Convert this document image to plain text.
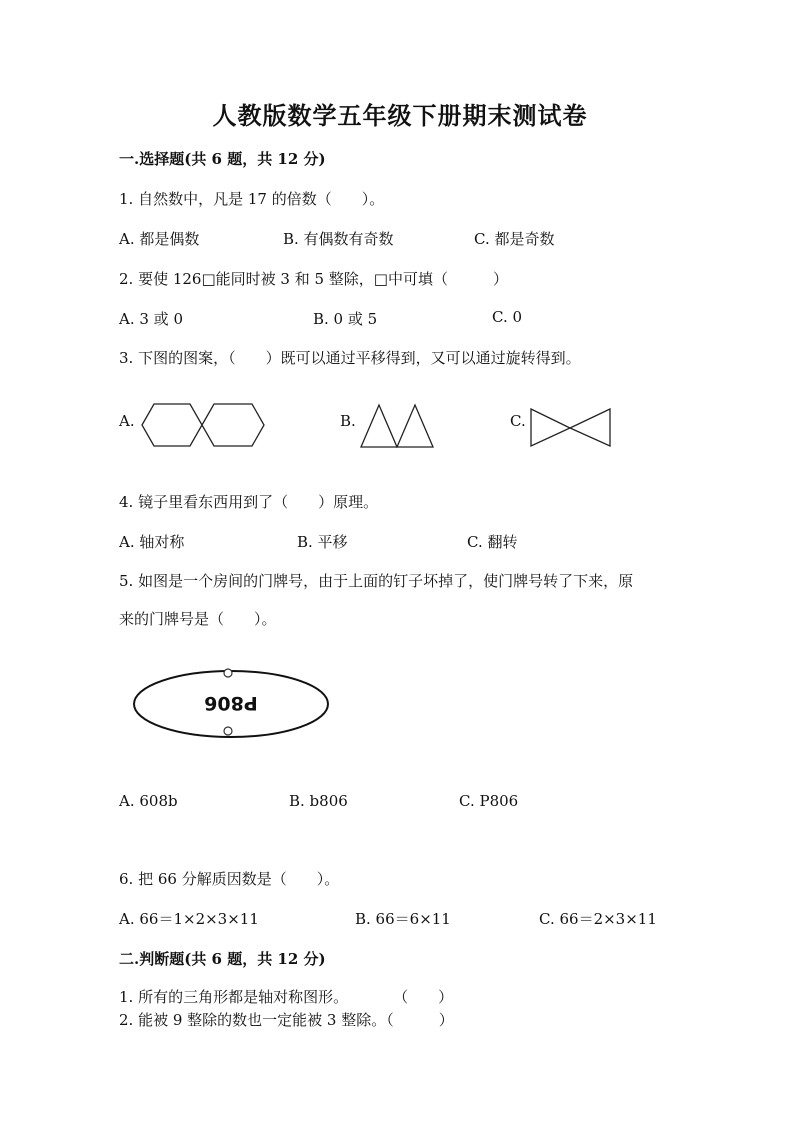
人教版数学五年级下册期末测试卷
一.选择题(共 6 题，共 12 分)
1. 自然数中，凡是 17 的倍数（　　）。
A. 都是偶数	B. 有偶数有奇数	C. 都是奇数
2. 要使 126□能同时被 3 和 5 整除，□中可填（　　　）
A. 3 或 0	B. 0 或 5	C. 0
3. 下图的图案，（　　）既可以通过平移得到，又可以通过旋转得到。
A.	B.	C.
4. 镜子里看东西用到了（　　）原理。
A. 轴对称	B. 平移	C. 翻转
5. 如图是一个房间的门牌号，由于上面的钉子坏掉了，使门牌号转了下来，原
来的门牌号是（　　）。
P806
A. 608b	B. b806	C. P806
6. 把 66 分解质因数是（　　）。
A. 66＝1×2×3×11	B. 66＝6×11	C. 66＝2×3×11
二.判断题(共 6 题，共 12 分)
1. 所有的三角形都是轴对称图形。　　　　（　　）
2. 能被 9 整除的数也一定能被 3 整除。（　　　）
